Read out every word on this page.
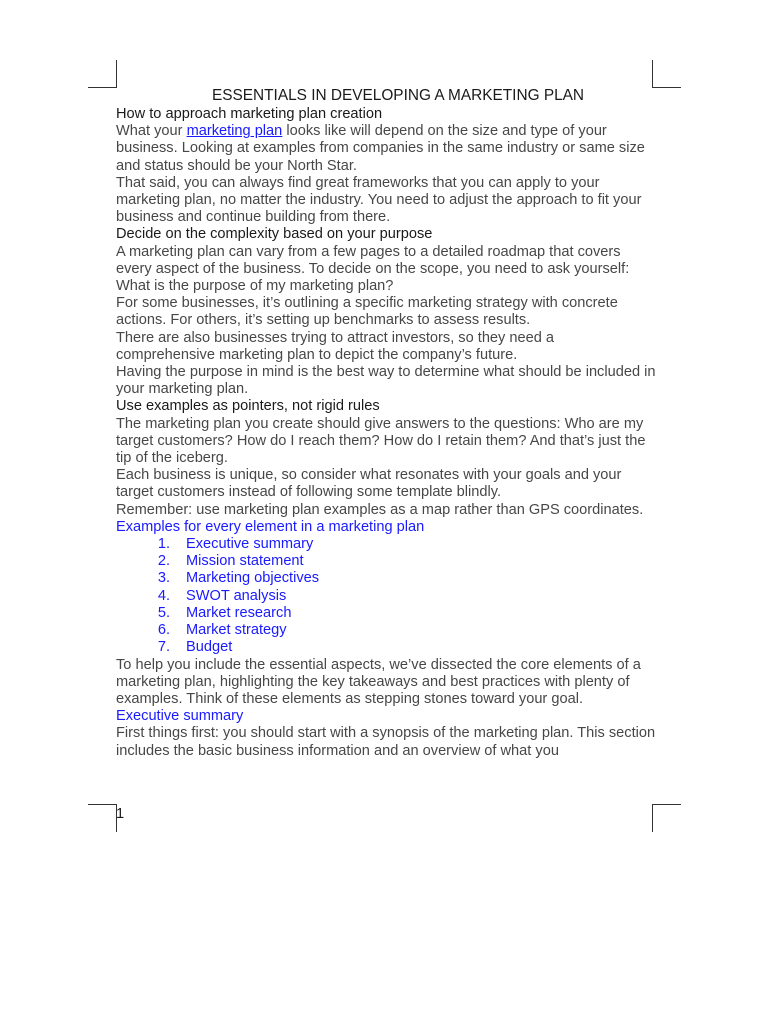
ESSENTIALS IN DEVELOPING A MARKETING PLAN
How to approach marketing plan creation
What your marketing plan looks like will depend on the size and type of your business. Looking at examples from companies in the same industry or same size and status should be your North Star.
That said, you can always find great frameworks that you can apply to your marketing plan, no matter the industry. You need to adjust the approach to fit your business and continue building from there.
Decide on the complexity based on your purpose
A marketing plan can vary from a few pages to a detailed roadmap that covers every aspect of the business. To decide on the scope, you need to ask yourself: What is the purpose of my marketing plan?
For some businesses, it’s outlining a specific marketing strategy with concrete actions. For others, it’s setting up benchmarks to assess results.
There are also businesses trying to attract investors, so they need a comprehensive marketing plan to depict the company’s future.
Having the purpose in mind is the best way to determine what should be included in your marketing plan.
Use examples as pointers, not rigid rules
The marketing plan you create should give answers to the questions: Who are my target customers? How do I reach them? How do I retain them? And that’s just the tip of the iceberg.
Each business is unique, so consider what resonates with your goals and your target customers instead of following some template blindly.
Remember: use marketing plan examples as a map rather than GPS coordinates.
Examples for every element in a marketing plan
1. Executive summary
2. Mission statement
3. Marketing objectives
4. SWOT analysis
5. Market research
6. Market strategy
7. Budget
To help you include the essential aspects, we’ve dissected the core elements of a marketing plan, highlighting the key takeaways and best practices with plenty of examples. Think of these elements as stepping stones toward your goal.
Executive summary
First things first: you should start with a synopsis of the marketing plan. This section includes the basic business information and an overview of what you
1
